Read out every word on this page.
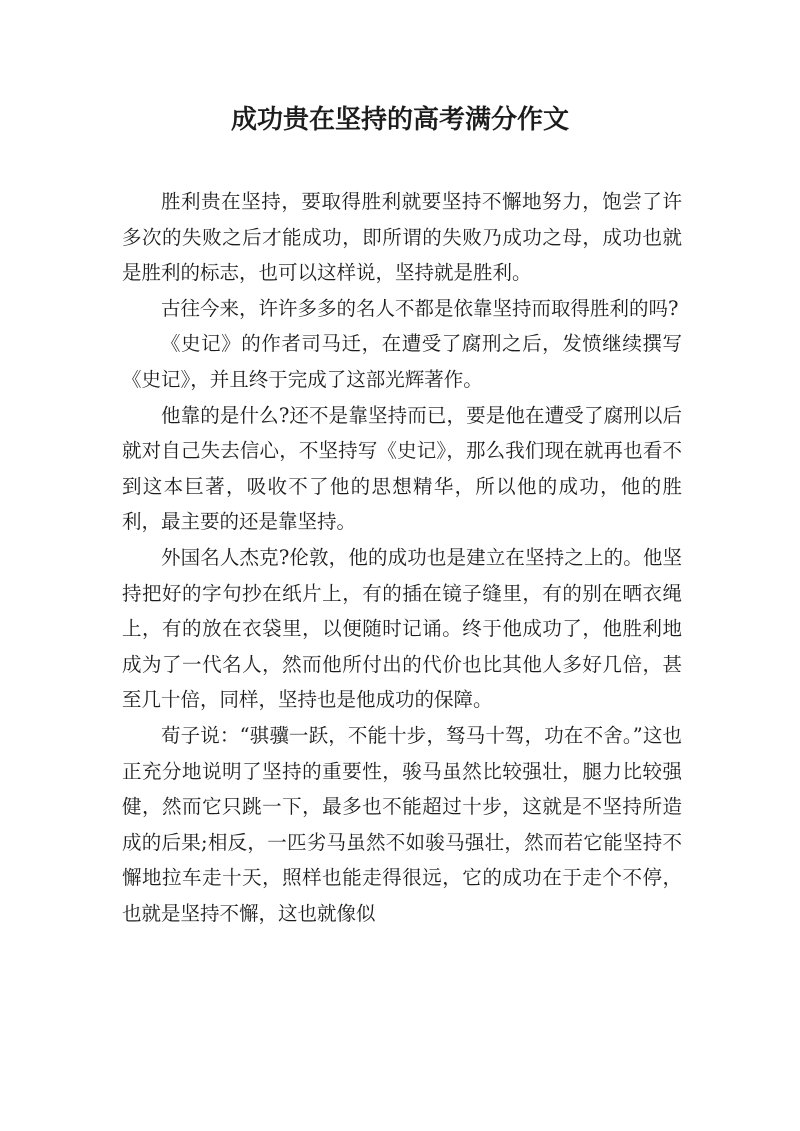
成功贵在坚持的高考满分作文

胜利贵在坚持，要取得胜利就要坚持不懈地努力，饱尝了许多次的失败之后才能成功，即所谓的失败乃成功之母，成功也就是胜利的标志，也可以这样说，坚持就是胜利。

古往今来，许许多多的名人不都是依靠坚持而取得胜利的吗?

《史记》的作者司马迁，在遭受了腐刑之后，发愤继续撰写《史记》，并且终于完成了这部光辉著作。

他靠的是什么?还不是靠坚持而已，要是他在遭受了腐刑以后就对自己失去信心，不坚持写《史记》，那么我们现在就再也看不到这本巨著，吸收不了他的思想精华，所以他的成功，他的胜利，最主要的还是靠坚持。

外国名人杰克?伦敦，他的成功也是建立在坚持之上的。他坚持把好的字句抄在纸片上，有的插在镜子缝里，有的别在晒衣绳上，有的放在衣袋里，以便随时记诵。终于他成功了，他胜利地成为了一代名人，然而他所付出的代价也比其他人多好几倍，甚至几十倍，同样，坚持也是他成功的保障。

荀子说：“骐骥一跃，不能十步，驽马十驾，功在不舍。”这也正充分地说明了坚持的重要性，骏马虽然比较强壮，腿力比较强健，然而它只跳一下，最多也不能超过十步，这就是不坚持所造成的后果;相反，一匹劣马虽然不如骏马强壮，然而若它能坚持不懈地拉车走十天，照样也能走得很远，它的成功在于走个不停，也就是坚持不懈，这也就像似
